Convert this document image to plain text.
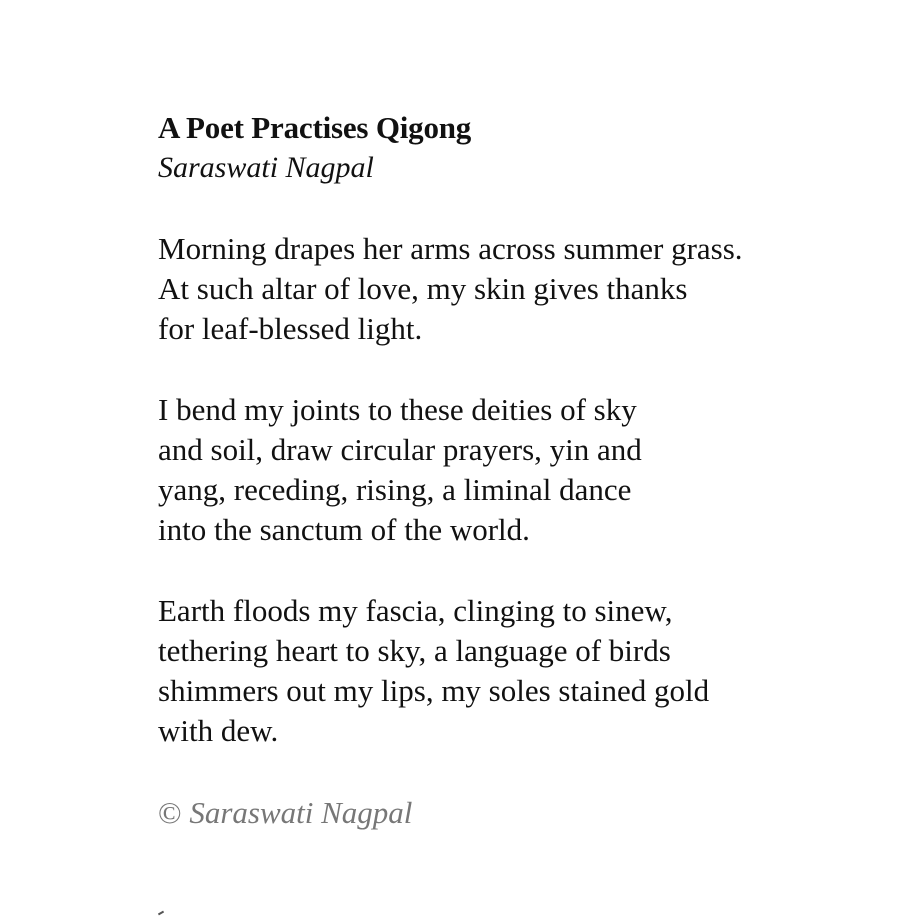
A Poet Practises Qigong
Saraswati Nagpal
Morning drapes her arms across summer grass.
At such altar of love, my skin gives thanks
for leaf-blessed light.
I bend my joints to these deities of sky
and soil, draw circular prayers, yin and
yang, receding, rising, a liminal dance
into the sanctum of the world.
Earth floods my fascia, clinging to sinew,
tethering heart to sky, a language of birds
shimmers out my lips, my soles stained gold
with dew.
© Saraswati Nagpal
